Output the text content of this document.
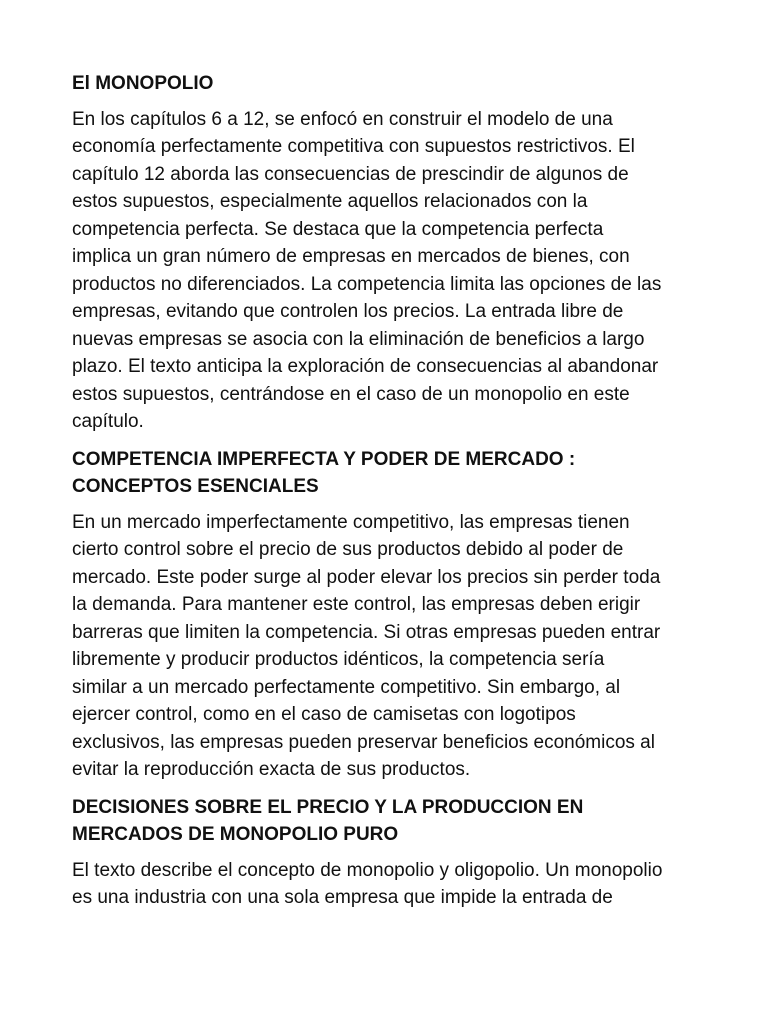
El MONOPOLIO

En los capítulos 6 a 12, se enfocó en construir el modelo de una
economía perfectamente competitiva con supuestos restrictivos. El
capítulo 12 aborda las consecuencias de prescindir de algunos de
estos supuestos, especialmente aquellos relacionados con la
competencia perfecta. Se destaca que la competencia perfecta
implica un gran número de empresas en mercados de bienes, con
productos no diferenciados. La competencia limita las opciones de las
empresas, evitando que controlen los precios. La entrada libre de
nuevas empresas se asocia con la eliminación de beneficios a largo
plazo. El texto anticipa la exploración de consecuencias al abandonar
estos supuestos, centrándose en el caso de un monopolio en este
capítulo.

COMPETENCIA IMPERFECTA Y PODER DE MERCADO :
CONCEPTOS ESENCIALES

En un mercado imperfectamente competitivo, las empresas tienen
cierto control sobre el precio de sus productos debido al poder de
mercado. Este poder surge al poder elevar los precios sin perder toda
la demanda. Para mantener este control, las empresas deben erigir
barreras que limiten la competencia. Si otras empresas pueden entrar
libremente y producir productos idénticos, la competencia sería
similar a un mercado perfectamente competitivo. Sin embargo, al
ejercer control, como en el caso de camisetas con logotipos
exclusivos, las empresas pueden preservar beneficios económicos al
evitar la reproducción exacta de sus productos.

DECISIONES SOBRE EL PRECIO Y LA PRODUCCION EN
MERCADOS DE MONOPOLIO PURO

El texto describe el concepto de monopolio y oligopolio. Un monopolio
es una industria con una sola empresa que impide la entrada de
